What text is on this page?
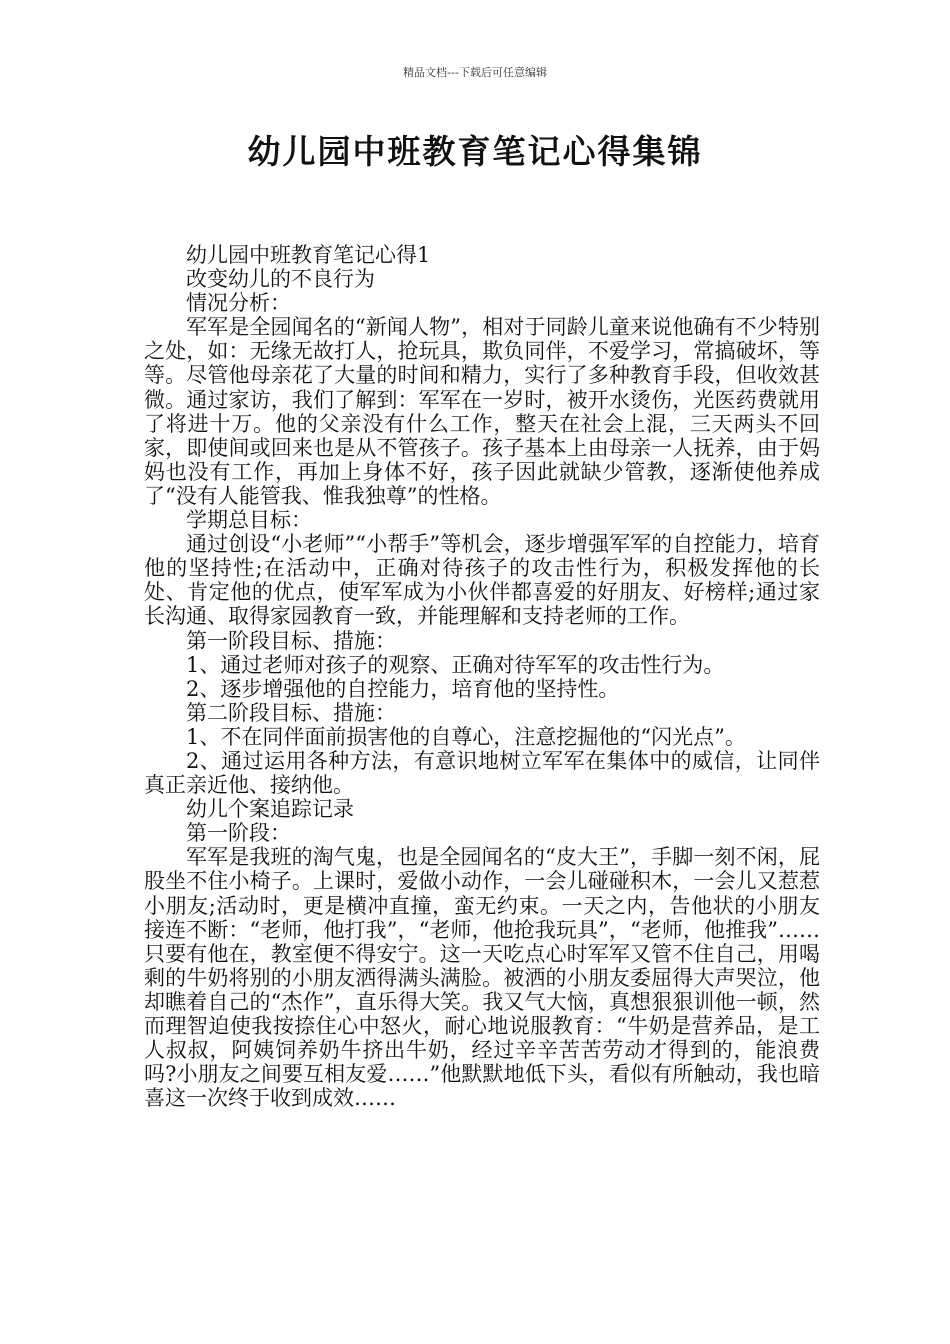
精品文档---下载后可任意编辑
幼儿园中班教育笔记心得集锦

幼儿园中班教育笔记心得1

改变幼儿的不良行为

情况分析：

军军是全园闻名的“新闻人物”，相对于同龄儿童来说他确有不少特别之处，如：无缘无故打人，抢玩具，欺负同伴，不爱学习，常搞破坏，等等。尽管他母亲花了大量的时间和精力，实行了多种教育手段，但收效甚微。通过家访，我们了解到：军军在一岁时，被开水烫伤，光医药费就用了将进十万。他的父亲没有什么工作，整天在社会上混，三天两头不回家，即使间或回来也是从不管孩子。孩子基本上由母亲一人抚养，由于妈妈也没有工作，再加上身体不好，孩子因此就缺少管教，逐渐使他养成了“没有人能管我、惟我独尊”的性格。

学期总目标：

通过创设“小老师”“小帮手”等机会，逐步增强军军的自控能力，培育他的坚持性;在活动中，正确对待孩子的攻击性行为，积极发挥他的长处、肯定他的优点，使军军成为小伙伴都喜爱的好朋友、好榜样;通过家长沟通、取得家园教育一致，并能理解和支持老师的工作。

第一阶段目标、措施：

1、通过老师对孩子的观察、正确对待军军的攻击性行为。

2、逐步增强他的自控能力，培育他的坚持性。

第二阶段目标、措施：

1、不在同伴面前损害他的自尊心，注意挖掘他的“闪光点”。

2、通过运用各种方法，有意识地树立军军在集体中的威信，让同伴真正亲近他、接纳他。

幼儿个案追踪记录

第一阶段：

军军是我班的淘气鬼，也是全园闻名的“皮大王”，手脚一刻不闲，屁股坐不住小椅子。上课时，爱做小动作，一会儿碰碰积木，一会儿又惹惹小朋友;活动时，更是横冲直撞，蛮无约束。一天之内，告他状的小朋友接连不断：“老师，他打我”，“老师，他抢我玩具”，“老师，他推我”……只要有他在，教室便不得安宁。这一天吃点心时军军又管不住自己，用喝剩的牛奶将别的小朋友洒得满头满脸。被洒的小朋友委屈得大声哭泣，他却瞧着自己的“杰作”，直乐得大笑。我又气大恼，真想狠狠训他一顿，然而理智迫使我按捺住心中怒火，耐心地说服教育：“牛奶是营养品，是工人叔叔，阿姨饲养奶牛挤出牛奶，经过辛辛苦苦劳动才得到的，能浪费吗?小朋友之间要互相友爱……”他默默地低下头，看似有所触动，我也暗喜这一次终于收到成效……
